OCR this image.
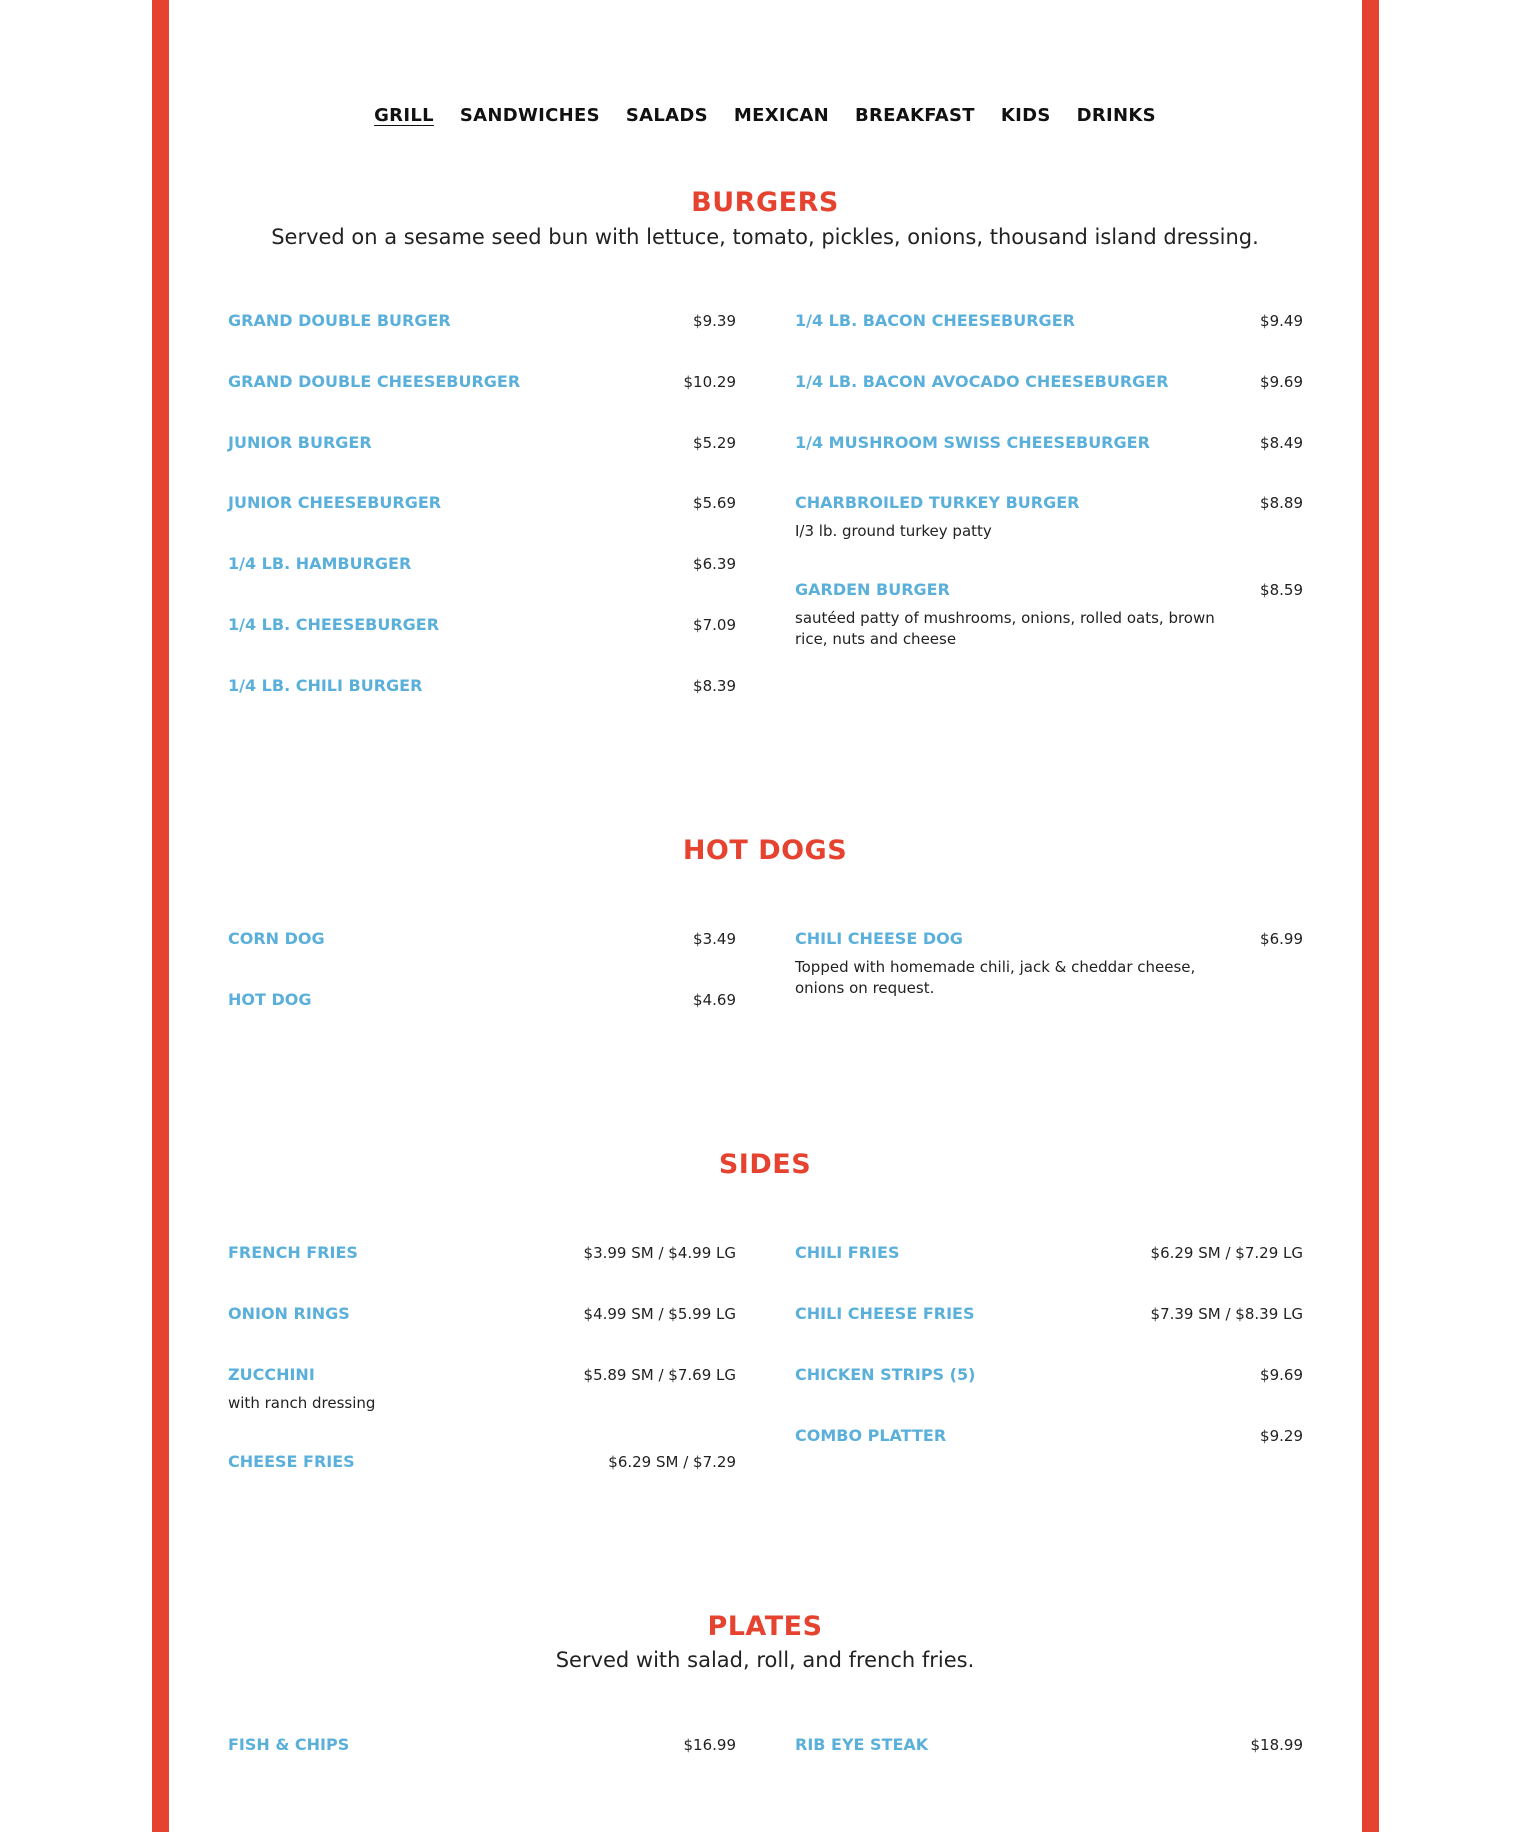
GRILL SANDWICHES SALADS MEXICAN BREAKFAST KIDS DRINKS
BURGERS
Served on a sesame seed bun with lettuce, tomato, pickles, onions, thousand island dressing.
GRAND DOUBLE BURGER	$9.39
GRAND DOUBLE CHEESEBURGER	$10.29
JUNIOR BURGER	$5.29
JUNIOR CHEESEBURGER	$5.69
1/4 LB. HAMBURGER	$6.39
1/4 LB. CHEESEBURGER	$7.09
1/4 LB. CHILI BURGER	$8.39
1/4 LB. BACON CHEESEBURGER	$9.49
1/4 LB. BACON AVOCADO CHEESEBURGER	$9.69
1/4 MUSHROOM SWISS CHEESEBURGER	$8.49
CHARBROILED TURKEY BURGER	$8.89
I/3 lb. ground turkey patty
GARDEN BURGER	$8.59
sautéed patty of mushrooms, onions, rolled oats, brown rice, nuts and cheese
HOT DOGS
CORN DOG	$3.49
HOT DOG	$4.69
CHILI CHEESE DOG	$6.99
Topped with homemade chili, jack & cheddar cheese, onions on request.
SIDES
FRENCH FRIES	$3.99 SM / $4.99 LG
ONION RINGS	$4.99 SM / $5.99 LG
ZUCCHINI	$5.89 SM / $7.69 LG
with ranch dressing
CHEESE FRIES	$6.29 SM / $7.29
CHILI FRIES	$6.29 SM / $7.29 LG
CHILI CHEESE FRIES	$7.39 SM / $8.39 LG
CHICKEN STRIPS (5)	$9.69
COMBO PLATTER	$9.29
PLATES
Served with salad, roll, and french fries.
FISH & CHIPS	$16.99	RIB EYE STEAK	$18.99
